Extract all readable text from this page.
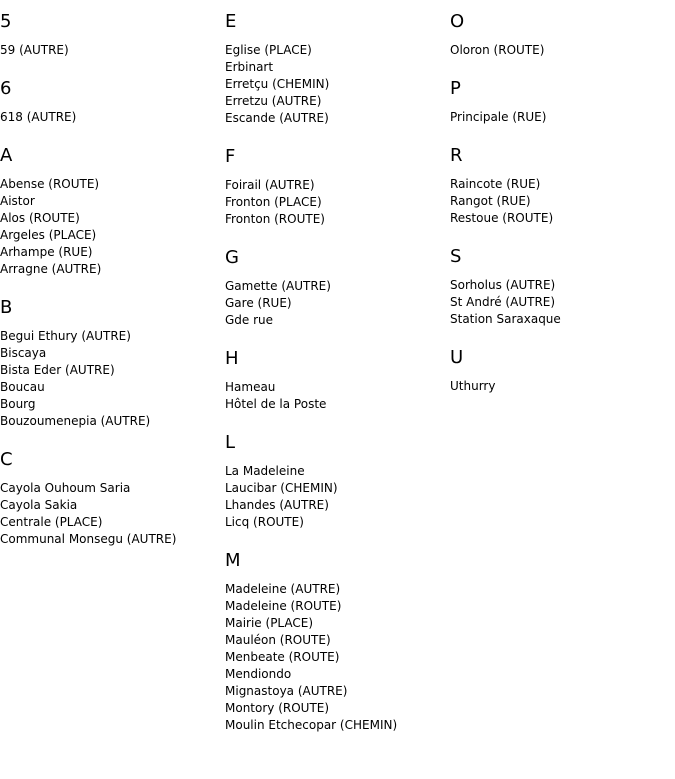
5
59 (AUTRE)
6
618 (AUTRE)
A
Abense (ROUTE)
Aistor
Alos (ROUTE)
Argeles (PLACE)
Arhampe (RUE)
Arragne (AUTRE)
B
Begui Ethury (AUTRE)
Biscaya
Bista Eder (AUTRE)
Boucau
Bourg
Bouzoumenepia (AUTRE)
C
Cayola Ouhoum Saria
Cayola Sakia
Centrale (PLACE)
Communal Monsegu (AUTRE)
E
Eglise (PLACE)
Erbinart
Erretçu (CHEMIN)
Erretzu (AUTRE)
Escande (AUTRE)
F
Foirail (AUTRE)
Fronton (PLACE)
Fronton (ROUTE)
G
Gamette (AUTRE)
Gare (RUE)
Gde rue
H
Hameau
Hôtel de la Poste
L
La Madeleine
Laucibar (CHEMIN)
Lhandes (AUTRE)
Licq (ROUTE)
M
Madeleine (AUTRE)
Madeleine (ROUTE)
Mairie (PLACE)
Mauléon (ROUTE)
Menbeate (ROUTE)
Mendiondo
Mignastoya (AUTRE)
Montory (ROUTE)
Moulin Etchecopar (CHEMIN)
O
Oloron (ROUTE)
P
Principale (RUE)
R
Raincote (RUE)
Rangot (RUE)
Restoue (ROUTE)
S
Sorholus (AUTRE)
St André (AUTRE)
Station Saraxaque
U
Uthurry
